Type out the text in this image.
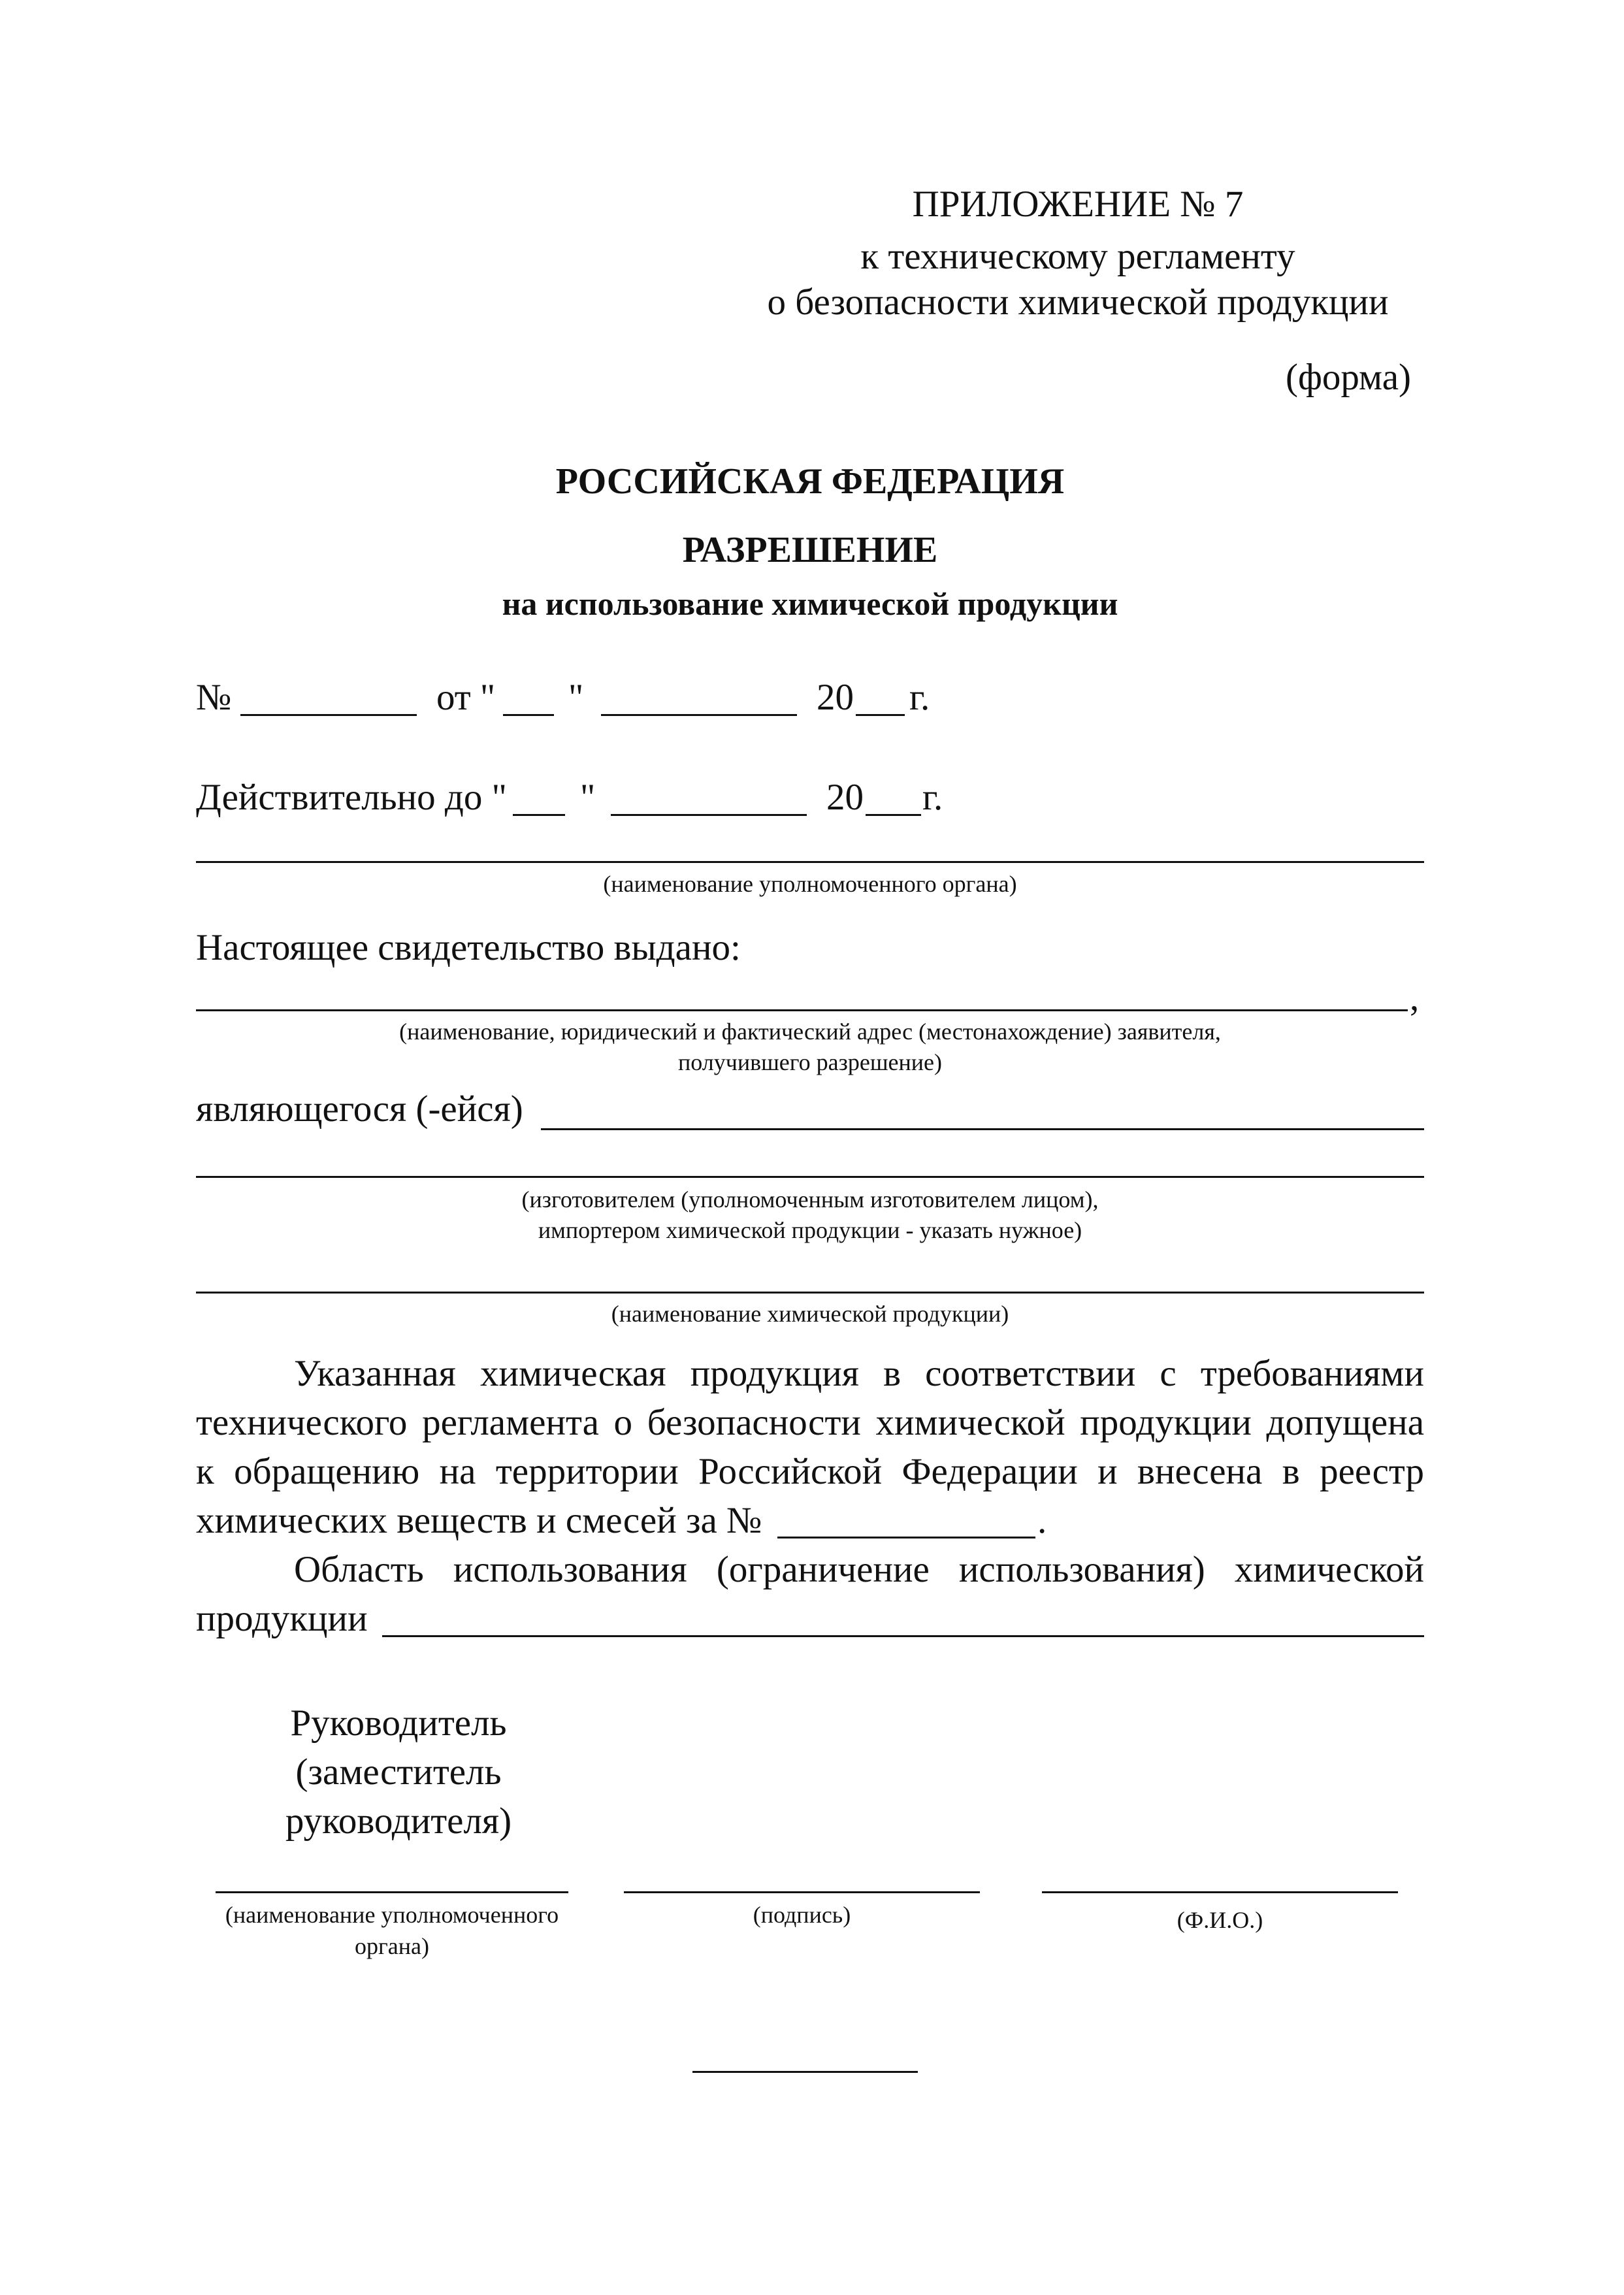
ПРИЛОЖЕНИЕ № 7
к техническому регламенту
о безопасности химической продукции
(форма)
РОССИЙСКАЯ ФЕДЕРАЦИЯ
РАЗРЕШЕНИЕ
на использование химической продукции
№	от " "	20 г.
Действительно до " "	20 г.
(наименование уполномоченного органа)
Настоящее свидетельство выдано:
,
(наименование, юридический и фактический адрес (местонахождение) заявителя,
получившего разрешение)
являющегося (-ейся)
(изготовителем (уполномоченным изготовителем лицом),
импортером химической продукции - указать нужное)
(наименование химической продукции)
Указанная химическая продукция в соответствии с требованиями
технического регламента о безопасности химической продукции допущена
к обращению на территории Российской Федерации и внесена в реестр
химических веществ и смесей за №	.
Область использования (ограничение использования) химической
продукции
Руководитель
(заместитель
руководителя)
(наименование уполномоченного
органа)
(подпись)	(Ф.И.О.)
